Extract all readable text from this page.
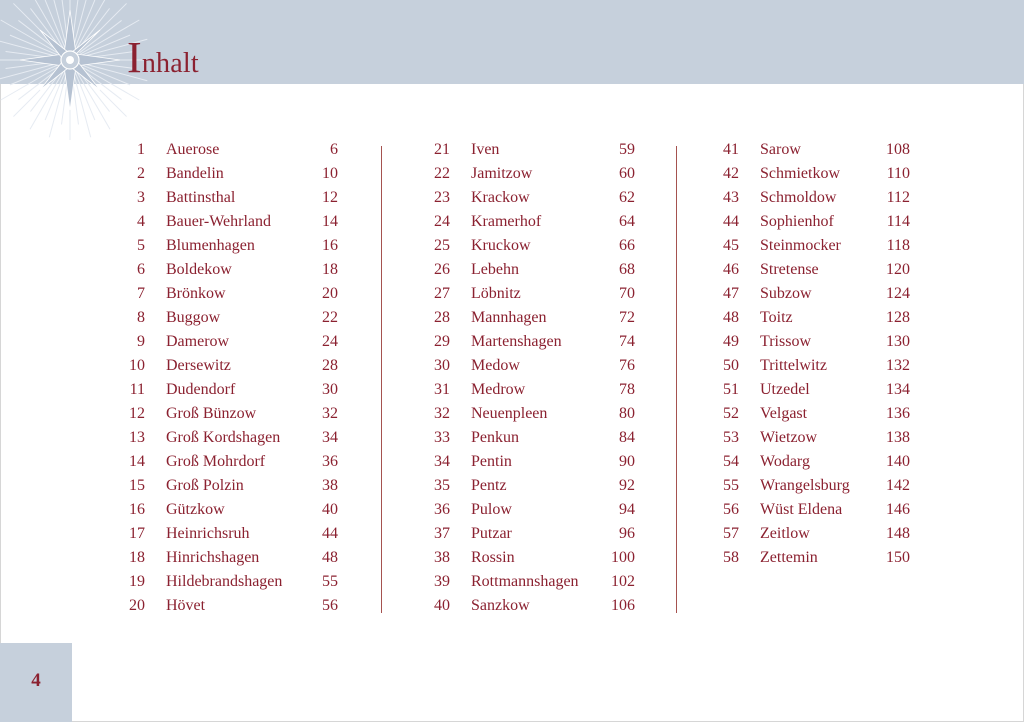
Inhalt
1 Auerose	6
2 Bandelin	10
3 Battinsthal	12
4 Bauer-Wehrland	14
5 Blumenhagen	16
6 Boldekow	18
7 Brönkow	20
8 Buggow	22
9 Damerow	24
10 Dersewitz	28
11 Dudendorf	30
12 Groß Bünzow	32
13 Groß Kordshagen	34
14 Groß Mohrdorf	36
15 Groß Polzin	38
16 Gützkow	40
17 Heinrichsruh	44
18 Hinrichshagen	48
19 Hildebrandshagen	55
20 Hövet	56
21 Iven	59
22 Jamitzow	60
23 Krackow	62
24 Kramerhof	64
25 Kruckow	66
26 Lebehn	68
27 Löbnitz	70
28 Mannhagen	72
29 Martenshagen	74
30 Medow	76
31 Medrow	78
32 Neuenpleen	80
33 Penkun	84
34 Pentin	90
35 Pentz	92
36 Pulow	94
37 Putzar	96
38 Rossin	100
39 Rottmannshagen	102
40 Sanzkow	106
41 Sarow	108
42 Schmietkow	110
43 Schmoldow	112
44 Sophienhof	114
45 Steinmocker	118
46 Stretense	120
47 Subzow	124
48 Toitz	128
49 Trissow	130
50 Trittelwitz	132
51 Utzedel	134
52 Velgast	136
53 Wietzow	138
54 Wodarg	140
55 Wrangelsburg	142
56 Wüst Eldena	146
57 Zeitlow	148
58 Zettemin	150
4
